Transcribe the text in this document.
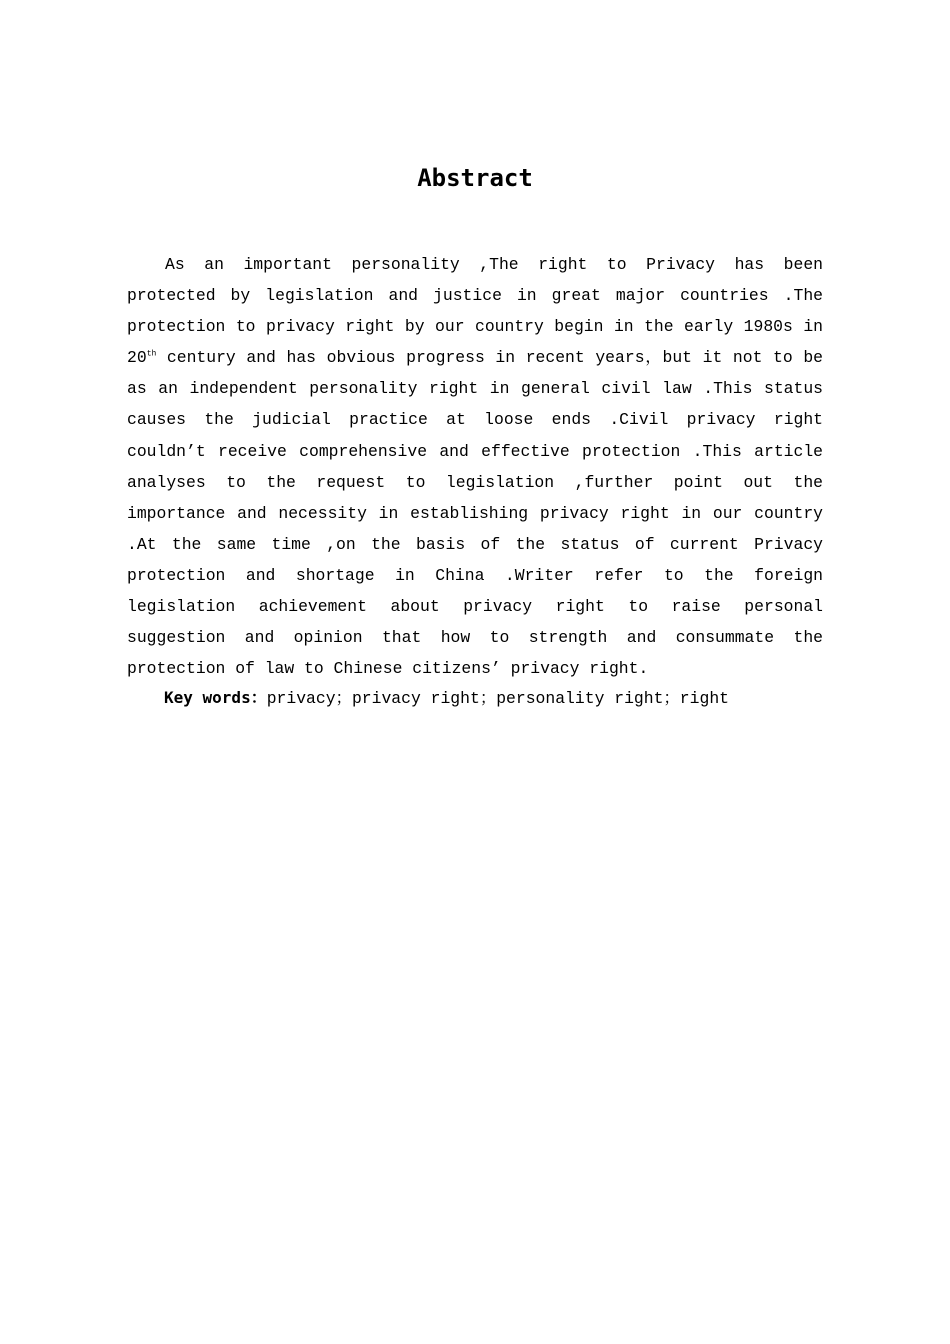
Abstract

As an important personality ,The right to Privacy has been protected by legislation and justice in great major countries .The protection to privacy right by our country begin in the early 1980s in 20th century and has obvious progress in recent years，but it not to be as an independent personality right in general civil law .This status causes the judicial practice at loose ends .Civil privacy right couldn’t receive comprehensive and effective protection .This article analyses to the request to legislation ,further point out the importance and necessity in establishing privacy right in our country .At the same time ,on the basis of the status of current Privacy protection and shortage in China .Writer refer to the foreign legislation achievement about privacy right to raise personal suggestion and opinion that how to strength and consummate the protection of law to Chinese citizens’ privacy right.

Key words：privacy；privacy right；personality right；right
